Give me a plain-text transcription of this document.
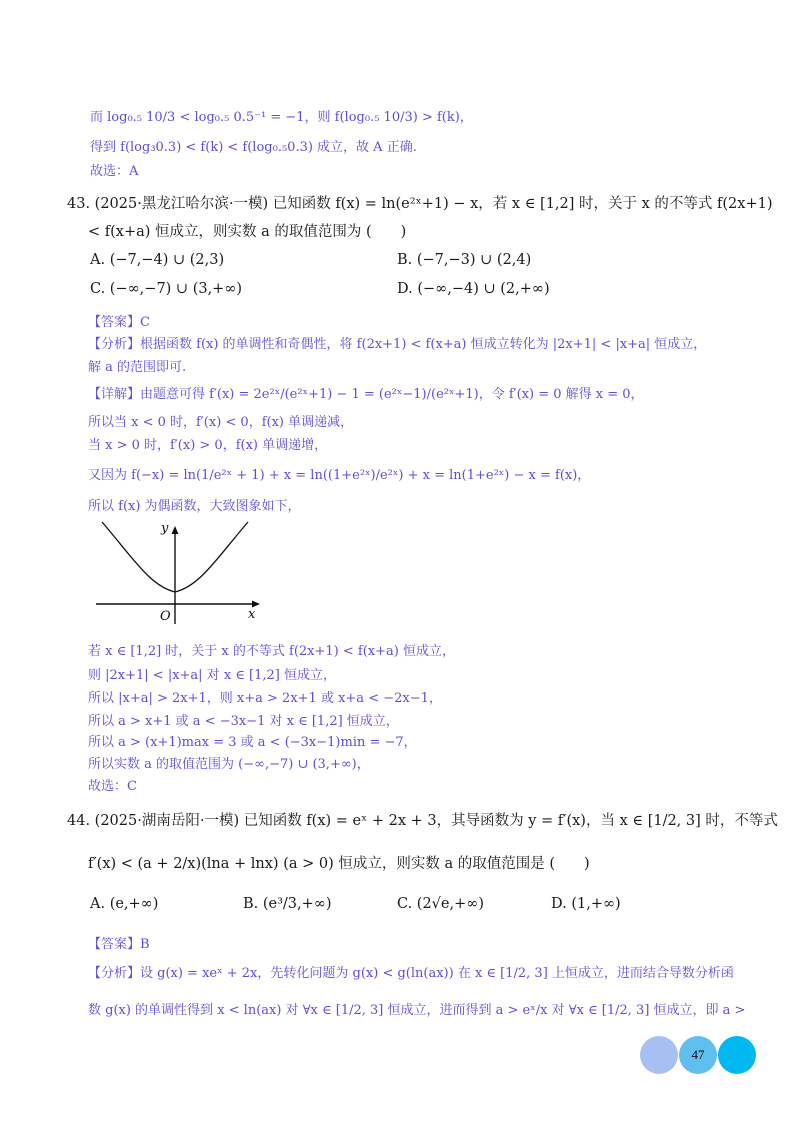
而 log₀.₅ 10/3 < log₀.₅ 0.5⁻¹ = −1，则 f(log₀.₅ 10/3) > f(k)，
得到 f(log₃0.3) < f(k) < f(log₀.₅0.3) 成立，故 A 正确.
故选：A
43. (2025·黑龙江哈尔滨·一模) 已知函数 f(x) = ln(e²ˣ+1) − x，若 x ∈ [1,2] 时，关于 x 的不等式 f(2x+1)
< f(x+a) 恒成立，则实数 a 的取值范围为 (　　)
A. (−7,−4) ∪ (2,3)	B. (−7,−3) ∪ (2,4)
C. (−∞,−7) ∪ (3,+∞)	D. (−∞,−4) ∪ (2,+∞)
【答案】C
【分析】根据函数 f(x) 的单调性和奇偶性，将 f(2x+1) < f(x+a) 恒成立转化为 |2x+1| < |x+a| 恒成立，
解 a 的范围即可.
【详解】由题意可得 f′(x) = 2e²ˣ/(e²ˣ+1) − 1 = (e²ˣ−1)/(e²ˣ+1)，令 f′(x) = 0 解得 x = 0，
所以当 x < 0 时，f′(x) < 0，f(x) 单调递减，
当 x > 0 时，f′(x) > 0，f(x) 单调递增，
又因为 f(−x) = ln(1/e²ˣ + 1) + x = ln((1+e²ˣ)/e²ˣ) + x = ln(1+e²ˣ) − x = f(x)，
所以 f(x) 为偶函数，大致图象如下，
y
x
O
若 x ∈ [1,2] 时，关于 x 的不等式 f(2x+1) < f(x+a) 恒成立，
则 |2x+1| < |x+a| 对 x ∈ [1,2] 恒成立，
所以 |x+a| > 2x+1，则 x+a > 2x+1 或 x+a < −2x−1，
所以 a > x+1 或 a < −3x−1 对 x ∈ [1,2] 恒成立，
所以 a > (x+1)max = 3 或 a < (−3x−1)min = −7，
所以实数 a 的取值范围为 (−∞,−7) ∪ (3,+∞)，
故选：C
44. (2025·湖南岳阳·一模) 已知函数 f(x) = eˣ + 2x + 3，其导函数为 y = f′(x)，当 x ∈ [1/2, 3] 时，不等式
f′(x) < (a + 2/x)(lna + lnx) (a > 0) 恒成立，则实数 a 的取值范围是 (　　)
A. (e,+∞)	B. (e³/3,+∞)	C. (2√e,+∞)	D. (1,+∞)
【答案】B
【分析】设 g(x) = xeˣ + 2x，先转化问题为 g(x) < g(ln(ax)) 在 x ∈ [1/2, 3] 上恒成立，进而结合导数分析函
数 g(x) 的单调性得到 x < ln(ax) 对 ∀x ∈ [1/2, 3] 恒成立，进而得到 a > eˣ/x 对 ∀x ∈ [1/2, 3] 恒成立，即 a >
47
